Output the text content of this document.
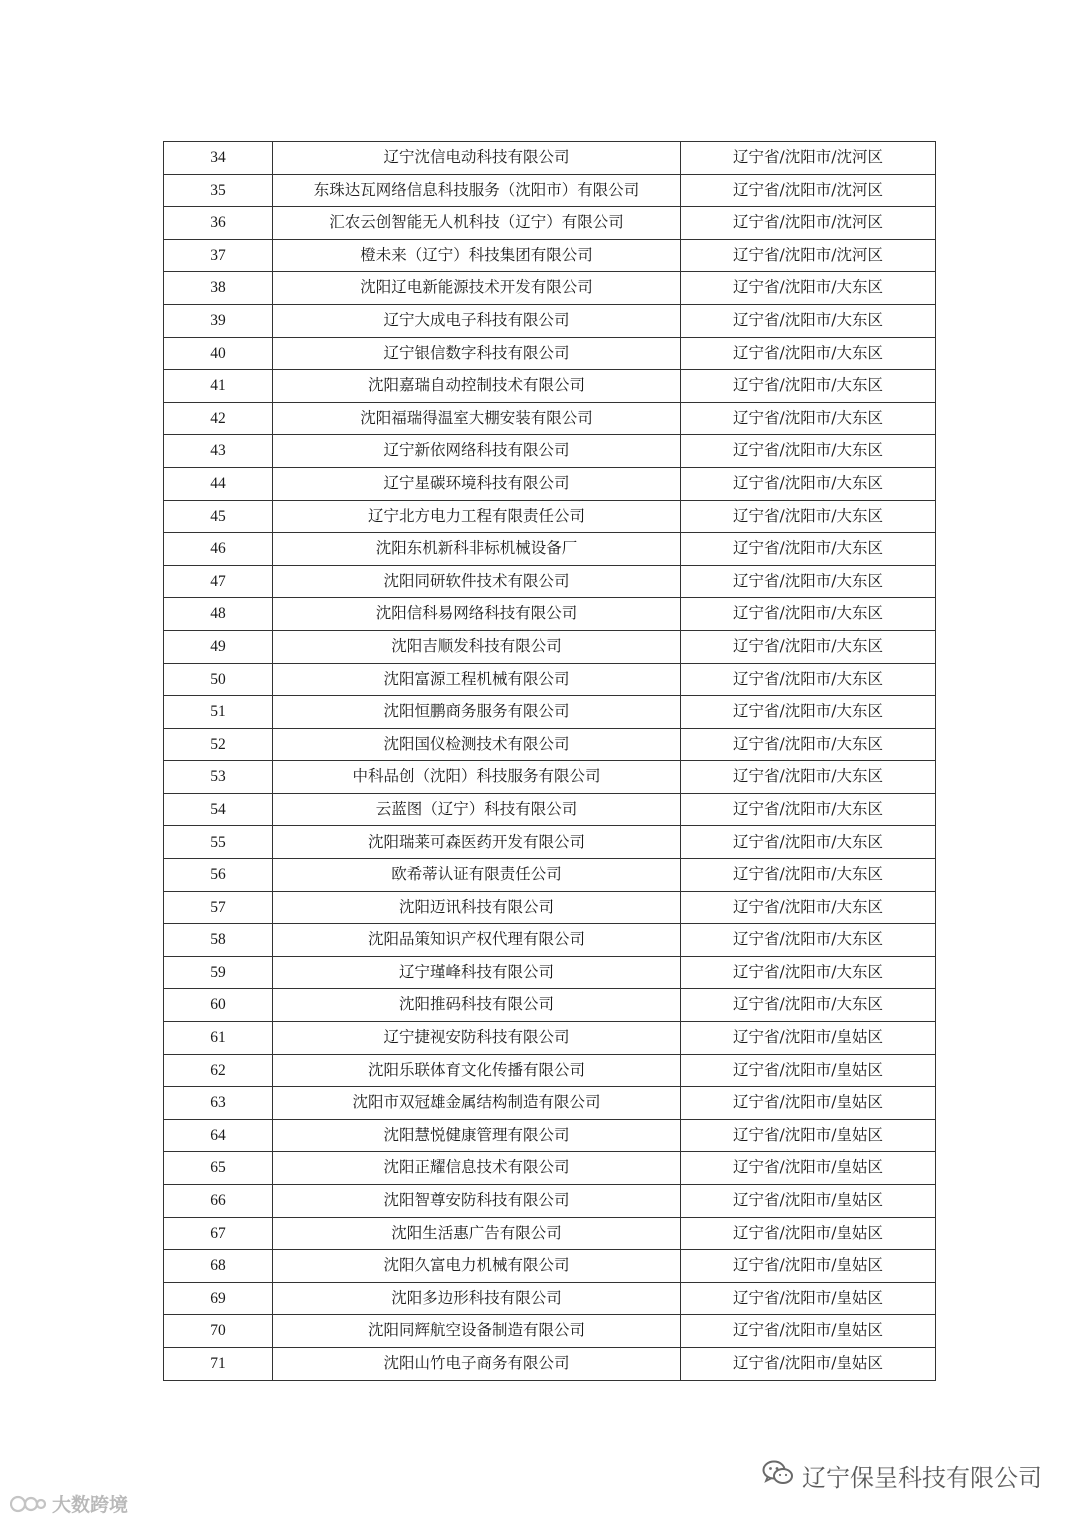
34	辽宁沈信电动科技有限公司	辽宁省/沈阳市/沈河区
35	东珠达瓦网络信息科技服务（沈阳市）有限公司	辽宁省/沈阳市/沈河区
36	汇农云创智能无人机科技（辽宁）有限公司	辽宁省/沈阳市/沈河区
37	橙未来（辽宁）科技集团有限公司	辽宁省/沈阳市/沈河区
38	沈阳辽电新能源技术开发有限公司	辽宁省/沈阳市/大东区
39	辽宁大成电子科技有限公司	辽宁省/沈阳市/大东区
40	辽宁银信数字科技有限公司	辽宁省/沈阳市/大东区
41	沈阳嘉瑞自动控制技术有限公司	辽宁省/沈阳市/大东区
42	沈阳福瑞得温室大棚安装有限公司	辽宁省/沈阳市/大东区
43	辽宁新依网络科技有限公司	辽宁省/沈阳市/大东区
44	辽宁星碳环境科技有限公司	辽宁省/沈阳市/大东区
45	辽宁北方电力工程有限责任公司	辽宁省/沈阳市/大东区
46	沈阳东机新科非标机械设备厂	辽宁省/沈阳市/大东区
47	沈阳同研软件技术有限公司	辽宁省/沈阳市/大东区
48	沈阳信科易网络科技有限公司	辽宁省/沈阳市/大东区
49	沈阳吉顺发科技有限公司	辽宁省/沈阳市/大东区
50	沈阳富源工程机械有限公司	辽宁省/沈阳市/大东区
51	沈阳恒鹏商务服务有限公司	辽宁省/沈阳市/大东区
52	沈阳国仪检测技术有限公司	辽宁省/沈阳市/大东区
53	中科品创（沈阳）科技服务有限公司	辽宁省/沈阳市/大东区
54	云蓝图（辽宁）科技有限公司	辽宁省/沈阳市/大东区
55	沈阳瑞莱可森医药开发有限公司	辽宁省/沈阳市/大东区
56	欧希蒂认证有限责任公司	辽宁省/沈阳市/大东区
57	沈阳迈讯科技有限公司	辽宁省/沈阳市/大东区
58	沈阳品策知识产权代理有限公司	辽宁省/沈阳市/大东区
59	辽宁瑾峰科技有限公司	辽宁省/沈阳市/大东区
60	沈阳推码科技有限公司	辽宁省/沈阳市/大东区
61	辽宁捷视安防科技有限公司	辽宁省/沈阳市/皇姑区
62	沈阳乐联体育文化传播有限公司	辽宁省/沈阳市/皇姑区
63	沈阳市双冠雄金属结构制造有限公司	辽宁省/沈阳市/皇姑区
64	沈阳慧悦健康管理有限公司	辽宁省/沈阳市/皇姑区
65	沈阳正耀信息技术有限公司	辽宁省/沈阳市/皇姑区
66	沈阳智尊安防科技有限公司	辽宁省/沈阳市/皇姑区
67	沈阳生活惠广告有限公司	辽宁省/沈阳市/皇姑区
68	沈阳久富电力机械有限公司	辽宁省/沈阳市/皇姑区
69	沈阳多边形科技有限公司	辽宁省/沈阳市/皇姑区
70	沈阳同辉航空设备制造有限公司	辽宁省/沈阳市/皇姑区
71	沈阳山竹电子商务有限公司	辽宁省/沈阳市/皇姑区
大数跨境
辽宁保呈科技有限公司
